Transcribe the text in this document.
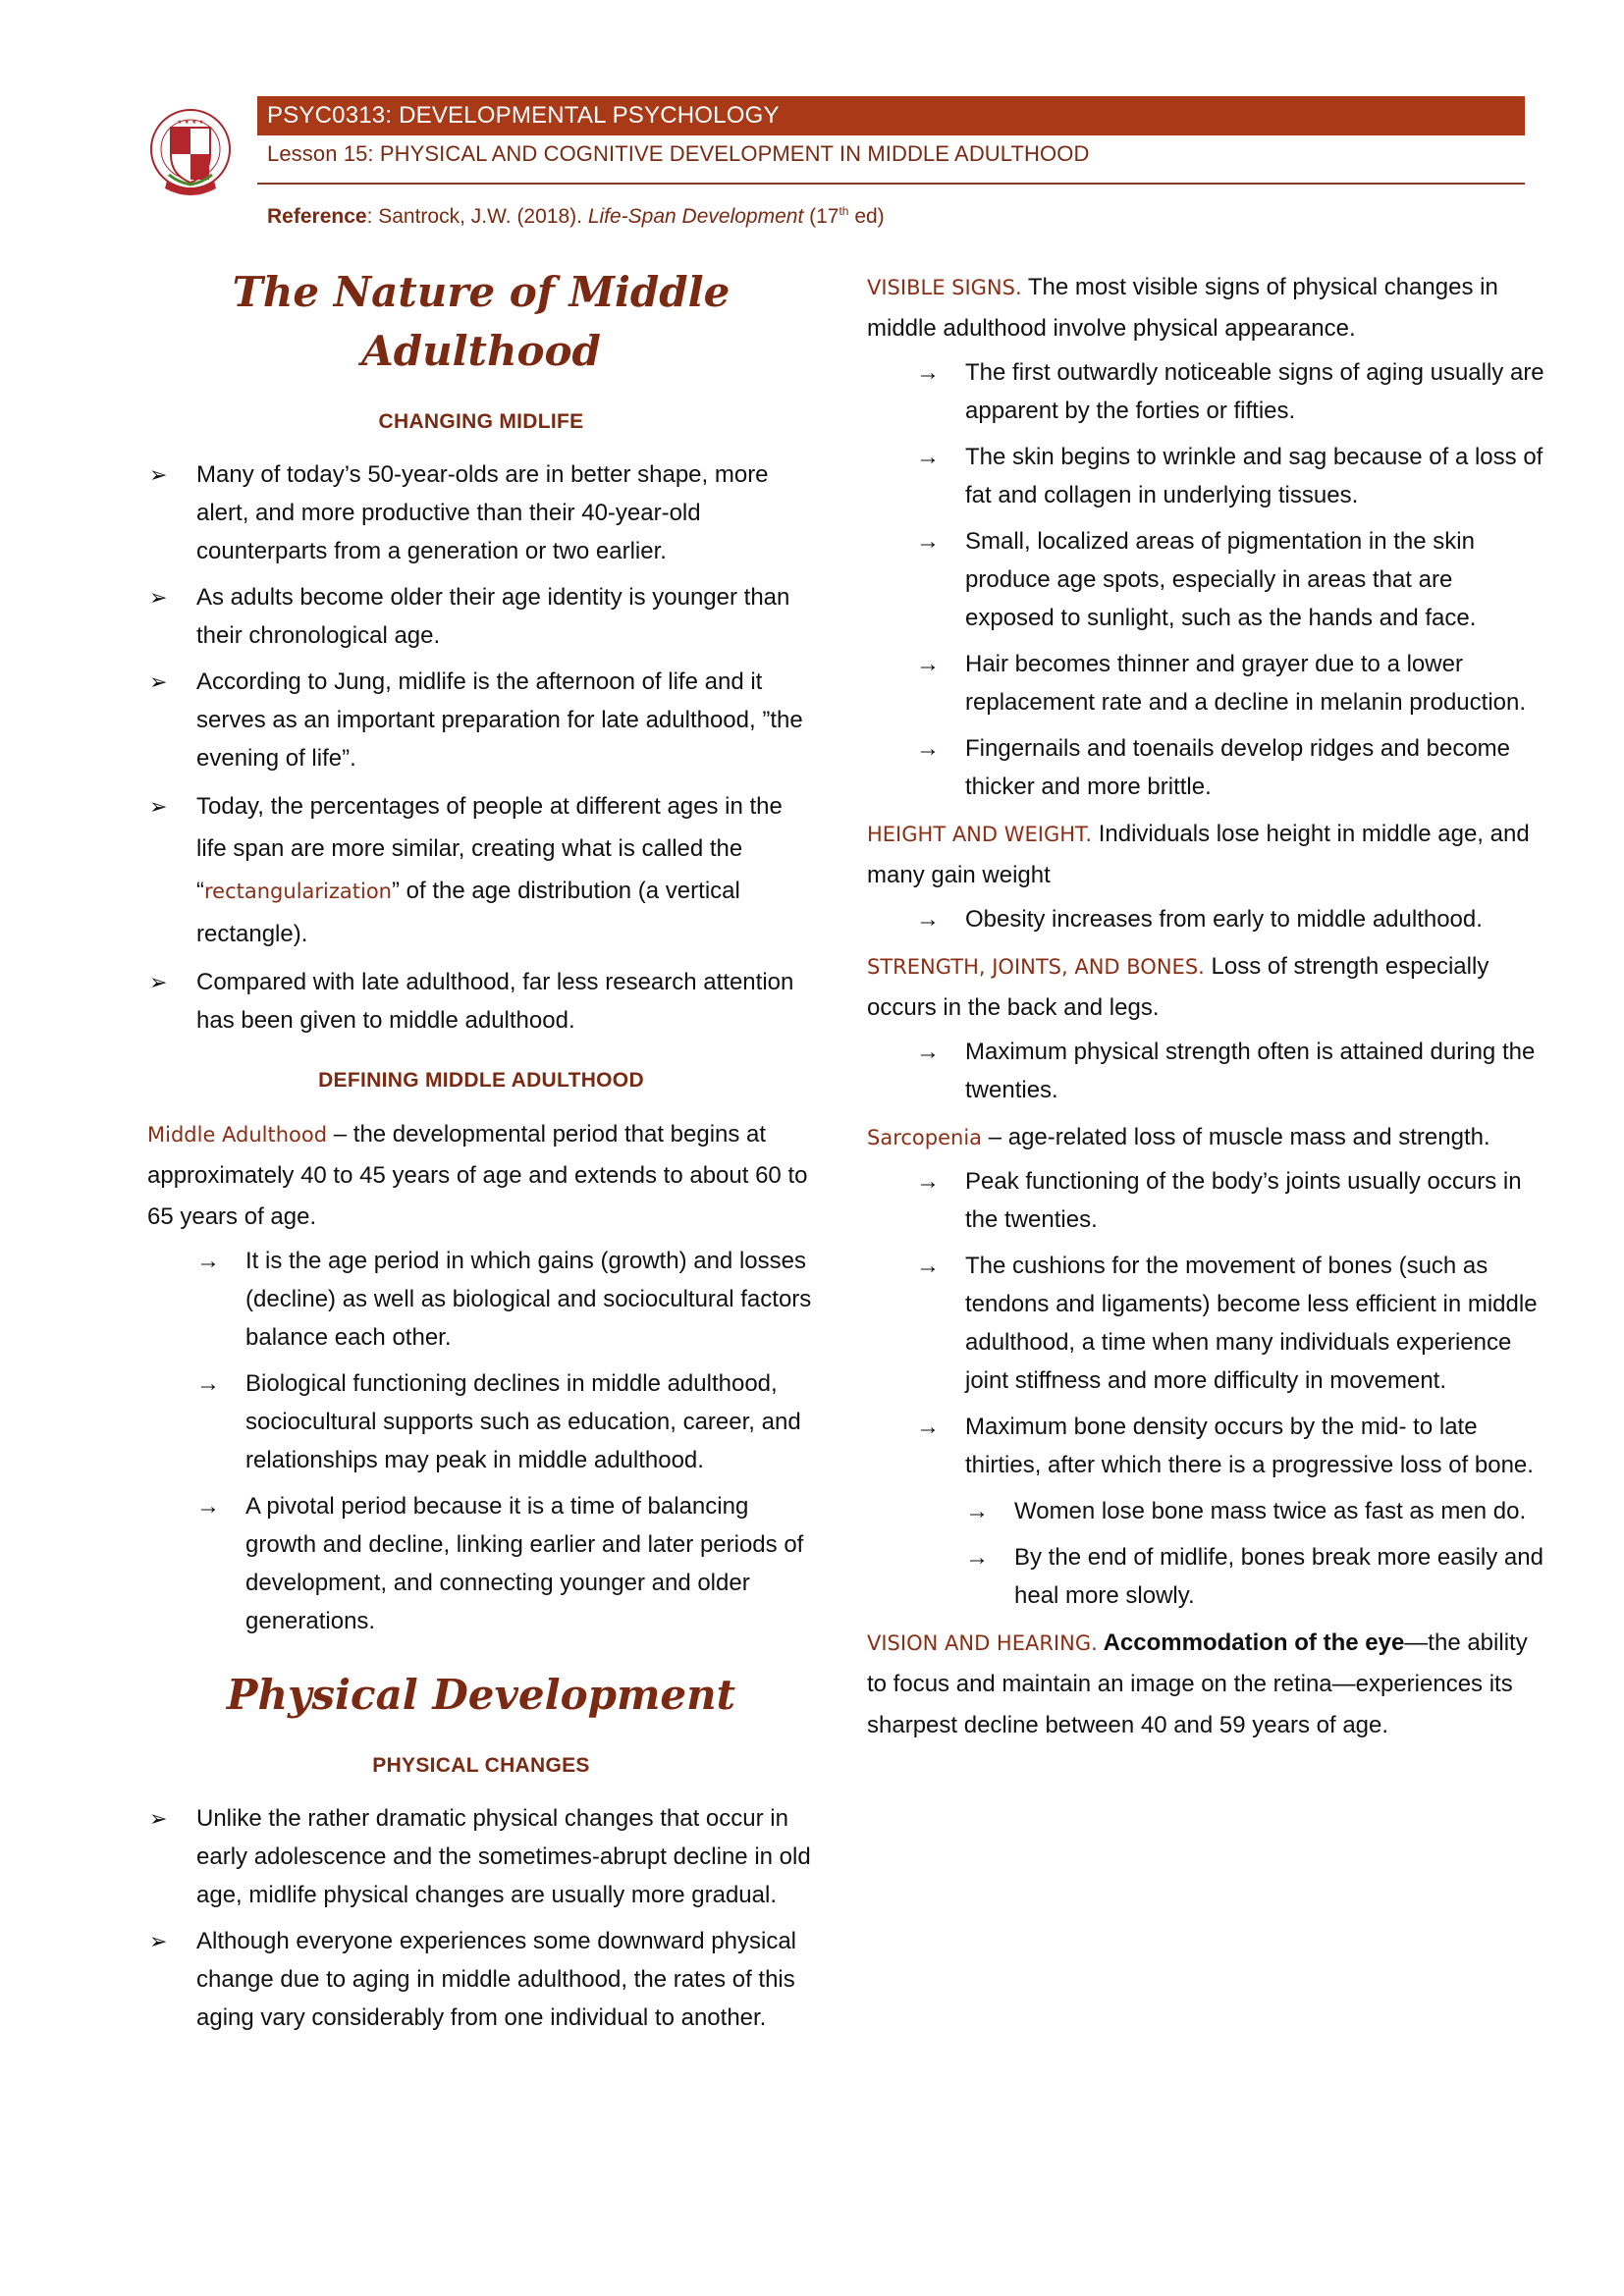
★ ★ ★ ★	PSYC0313: DEVELOPMENTAL PSYCHOLOGY
Lesson 15: PHYSICAL AND COGNITIVE DEVELOPMENT IN MIDDLE ADULTHOOD
Reference: Santrock, J.W. (2018). Life-Span Development (17th ed)
The Nature of Middle Adulthood
CHANGING MIDLIFE
➢ Many of today’s 50-year-olds are in better shape, more alert, and more productive than their 40-year-old counterparts from a generation or two earlier.
➢ As adults become older their age identity is younger than their chronological age.
➢ According to Jung, midlife is the afternoon of life and it serves as an important preparation for late adulthood, ”the evening of life”.
➢ Today, the percentages of people at different ages in the life span are more similar, creating what is called the “rectangularization” of the age distribution (a vertical rectangle).
➢ Compared with late adulthood, far less research attention has been given to middle adulthood.
DEFINING MIDDLE ADULTHOOD

Middle Adulthood – the developmental period that begins at approximately 40 to 45 years of age and extends to about 60 to 65 years of age.

→ It is the age period in which gains (growth) and losses (decline) as well as biological and sociocultural factors balance each other.
→ Biological functioning declines in middle adulthood, sociocultural supports such as education, career, and relationships may peak in middle adulthood.
→ A pivotal period because it is a time of balancing growth and decline, linking earlier and later periods of development, and connecting younger and older generations.
Physical Development
PHYSICAL CHANGES
➢ Unlike the rather dramatic physical changes that occur in early adolescence and the sometimes-abrupt decline in old age, midlife physical changes are usually more gradual.
➢ Although everyone experiences some downward physical change due to aging in middle adulthood, the rates of this aging vary considerably from one individual to another.

VISIBLE SIGNS. The most visible signs of physical changes in middle adulthood involve physical appearance.

→ The first outwardly noticeable signs of aging usually are apparent by the forties or fifties.
→ The skin begins to wrinkle and sag because of a loss of fat and collagen in underlying tissues.
→ Small, localized areas of pigmentation in the skin produce age spots, especially in areas that are exposed to sunlight, such as the hands and face.
→ Hair becomes thinner and grayer due to a lower replacement rate and a decline in melanin production.
→ Fingernails and toenails develop ridges and become thicker and more brittle.

HEIGHT AND WEIGHT. Individuals lose height in middle age, and many gain weight

→ Obesity increases from early to middle adulthood.

STRENGTH, JOINTS, AND BONES. Loss of strength especially occurs in the back and legs.

→ Maximum physical strength often is attained during the twenties.

Sarcopenia – age-related loss of muscle mass and strength.

→ Peak functioning of the body’s joints usually occurs in the twenties.
→ The cushions for the movement of bones (such as tendons and ligaments) become less efficient in middle adulthood, a time when many individuals experience joint stiffness and more difficulty in movement.
→ Maximum bone density occurs by the mid- to late thirties, after which there is a progressive loss of bone.
→ Women lose bone mass twice as fast as men do.
→ By the end of midlife, bones break more easily and heal more slowly.

VISION AND HEARING. Accommodation of the eye—the ability to focus and maintain an image on the retina—experiences its sharpest decline between 40 and 59 years of age.
